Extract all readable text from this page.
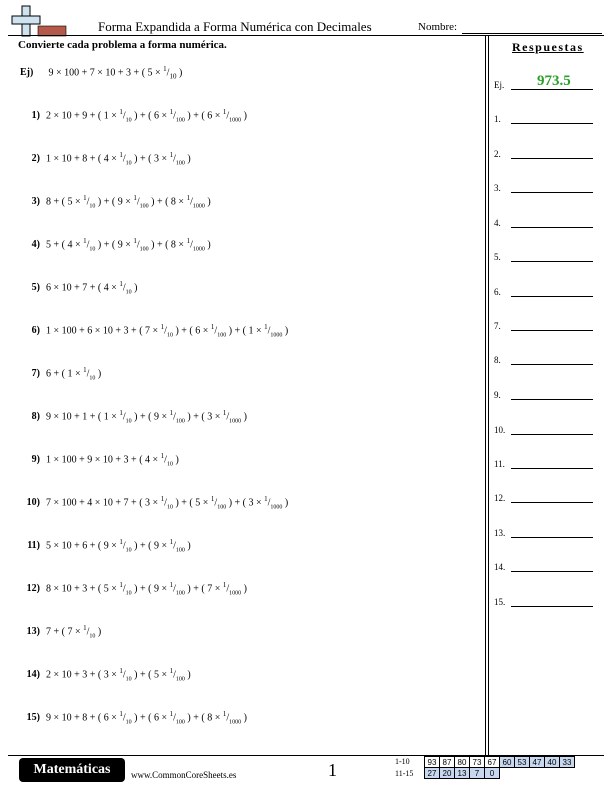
Forma Expandida a Forma Numérica con Decimales	Nombre:
Convierte cada problema a forma numérica.
Ej) 9 × 100 + 7 × 10 + 3 + ( $5 \times ^1/_{10}$ )
1) 2 × 10 + 9 + ( $1 \times ^1/_{10}$ ) + ( $6 \times ^1/_{100}$ ) + ( $6 \times ^1/_{1000}$ )
2) 1 × 10 + 8 + ( $4 \times ^1/_{10}$ ) + ( $3 \times ^1/_{100}$ )
3) 8 + ( $5 \times ^1/_{10}$ ) + ( $9 \times ^1/_{100}$ ) + ( $8 \times ^1/_{1000}$ )
4) 5 + ( $4 \times ^1/_{10}$ ) + ( $9 \times ^1/_{100}$ ) + ( $8 \times ^1/_{1000}$ )
5) 6 × 10 + 7 + ( $4 \times ^1/_{10}$ )
6) 1 × 100 + 6 × 10 + 3 + ( $7 \times ^1/_{10}$ ) + ( $6 \times ^1/_{100}$ ) + ( $1 \times ^1/_{1000}$ )
7) 6 + ( $1 \times ^1/_{10}$ )
8) 9 × 10 + 1 + ( $1 \times ^1/_{10}$ ) + ( $9 \times ^1/_{100}$ ) + ( $3 \times ^1/_{1000}$ )
9) 1 × 100 + 9 × 10 + 3 + ( $4 \times ^1/_{10}$ )
10) 7 × 100 + 4 × 10 + 7 + ( $3 \times ^1/_{10}$ ) + ( $5 \times ^1/_{100}$ ) + ( $3 \times ^1/_{1000}$ )
11) 5 × 10 + 6 + ( $9 \times ^1/_{10}$ ) + ( $9 \times ^1/_{100}$ )
12) 8 × 10 + 3 + ( $5 \times ^1/_{10}$ ) + ( $9 \times ^1/_{100}$ ) + ( $7 \times ^1/_{1000}$ )
13) 7 + ( $7 \times ^1/_{10}$ )
14) 2 × 10 + 3 + ( $3 \times ^1/_{10}$ ) + ( $5 \times ^1/_{100}$ )
15) 9 × 10 + 8 + ( $6 \times ^1/_{10}$ ) + ( $6 \times ^1/_{100}$ ) + ( $8 \times ^1/_{1000}$ )
Respuestas
Ej. 973.5
1.
2.
3.
4.
5.
6.
7.
8.
9.
10.
11.
12.
13.
14.
15.
Matemáticas www.CommonCoreSheets.es	1	1-10
11-15
93	87	80	73	67	60	53	47	40	33
27	20	13	7	0					
